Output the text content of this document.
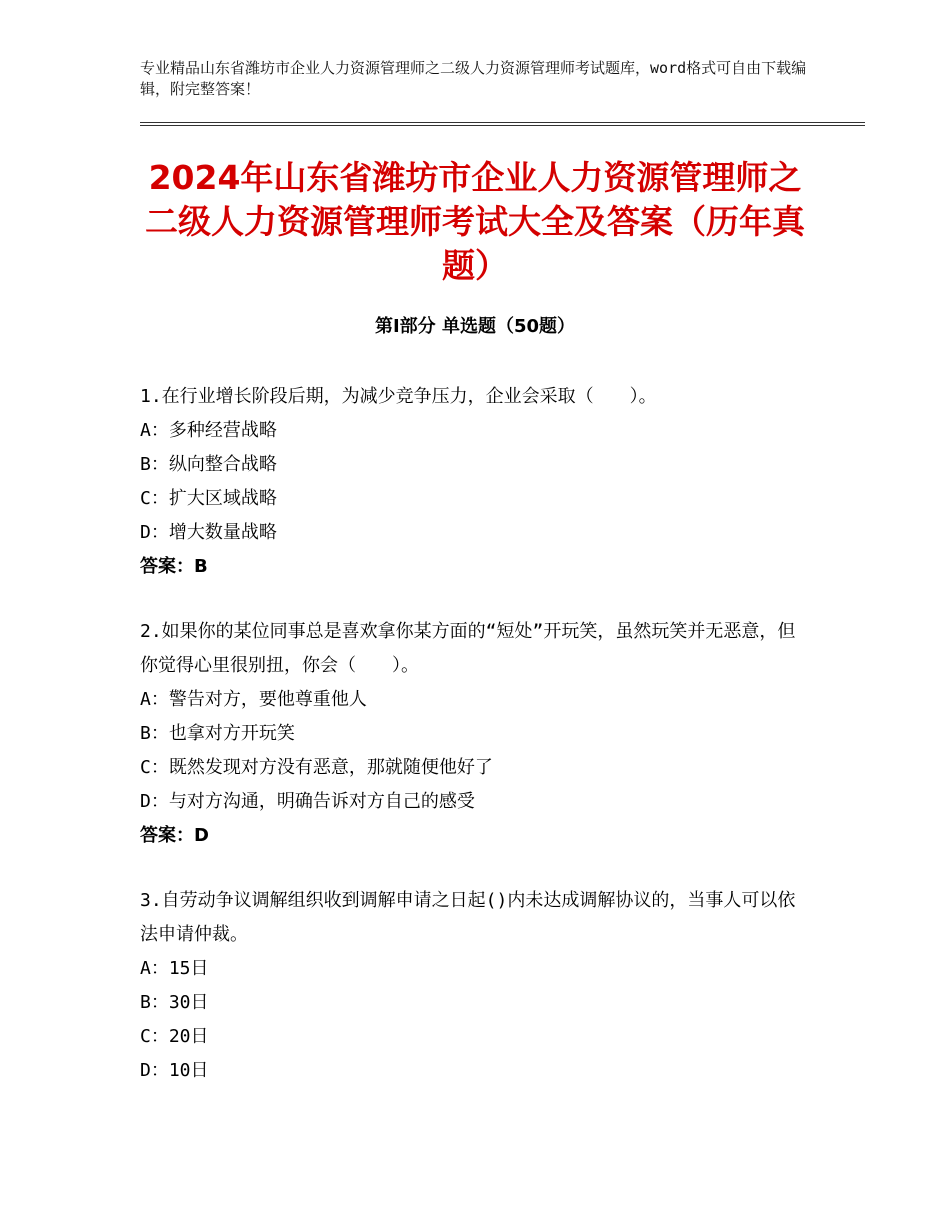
专业精品山东省潍坊市企业人力资源管理师之二级人力资源管理师考试题库，word格式可自由下载编辑，附完整答案！
2024年山东省潍坊市企业人力资源管理师之二级人力资源管理师考试大全及答案（历年真题）
第Ⅰ部分 单选题（50题）

1.在行业增长阶段后期，为减少竞争压力，企业会采取（　　）。

A：多种经营战略

B：纵向整合战略

C：扩大区域战略

D：增大数量战略

答案：B

2.如果你的某位同事总是喜欢拿你某方面的“短处”开玩笑，虽然玩笑并无恶意，但你觉得心里很别扭，你会（　　）。

A：警告对方，要他尊重他人

B：也拿对方开玩笑

C：既然发现对方没有恶意，那就随便他好了

D：与对方沟通，明确告诉对方自己的感受

答案：D

3.自劳动争议调解组织收到调解申请之日起()内未达成调解协议的，当事人可以依法申请仲裁。

A：15日

B：30日

C：20日

D：10日
